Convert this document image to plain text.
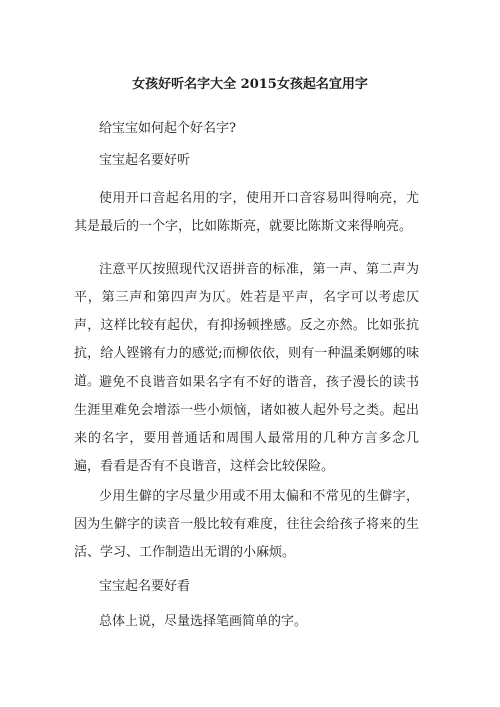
女孩好听名字大全 2015女孩起名宜用字
给宝宝如何起个好名字?
宝宝起名要好听
使用开口音起名用的字，使用开口音容易叫得响亮，尤其是最后的一个字，比如陈斯亮，就要比陈斯文来得响亮。
注意平仄按照现代汉语拼音的标准，第一声、第二声为平，第三声和第四声为仄。姓若是平声，名字可以考虑仄声，这样比较有起伏，有抑扬顿挫感。反之亦然。比如张抗抗，给人铿锵有力的感觉;而柳依依，则有一种温柔婀娜的味道。
避免不良谐音如果名字有不好的谐音，孩子漫长的读书生涯里难免会增添一些小烦恼，诸如被人起外号之类。起出来的名字，要用普通话和周围人最常用的几种方言多念几遍，看看是否有不良谐音，这样会比较保险。
少用生僻的字尽量少用或不用太偏和不常见的生僻字，因为生僻字的读音一般比较有难度，往往会给孩子将来的生活、学习、工作制造出无谓的小麻烦。
宝宝起名要好看
总体上说，尽量选择笔画简单的字。
